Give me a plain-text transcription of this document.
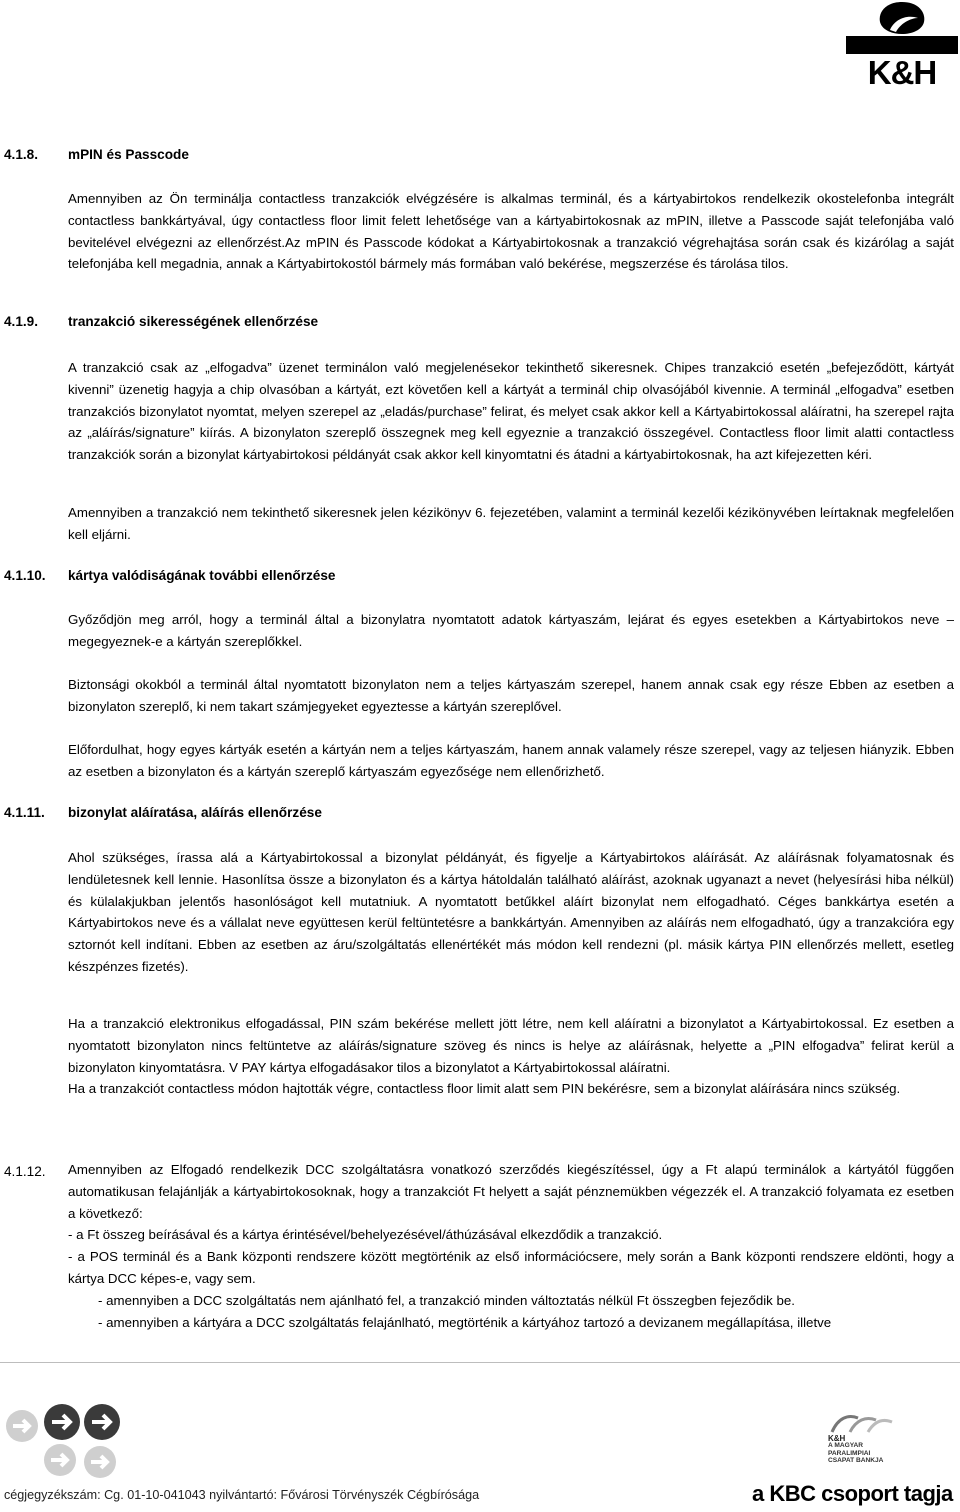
K&H
4.1.8. mPIN és Passcode

Amennyiben az Ön terminálja contactless tranzakciók elvégzésére is alkalmas terminál, és a kártyabirtokos rendelkezik okostelefonba integrált contactless bankkártyával, úgy contactless floor limit felett lehetősége van a kártyabirtokosnak az mPIN, illetve a Passcode saját telefonjába való bevitelével elvégezni az ellenőrzést.Az mPIN és Passcode kódokat a Kártyabirtokosnak a tranzakció végrehajtása során csak és kizárólag a saját telefonjába kell megadnia, annak a Kártyabirtokostól bármely más formában való bekérése, megszerzése és tárolása tilos.

4.1.9. tranzakció sikerességének ellenőrzése

A tranzakció csak az „elfogadva” üzenet terminálon való megjelenésekor tekinthető sikeresnek. Chipes tranzakció esetén „befejeződött, kártyát kivenni” üzenetig hagyja a chip olvasóban a kártyát, ezt követően kell a kártyát a terminál chip olvasójából kivennie. A terminál „elfogadva” esetben tranzakciós bizonylatot nyomtat, melyen szerepel az „eladás/purchase” felirat, és melyet csak akkor kell a Kártyabirtokossal aláíratni, ha szerepel rajta az „aláírás/signature” kiírás. A bizonylaton szereplő összegnek meg kell egyeznie a tranzakció összegével. Contactless floor limit alatti contactless tranzakciók során a bizonylat kártyabirtokosi példányát csak akkor kell kinyomtatni és átadni a kártyabirtokosnak, ha azt kifejezetten kéri.

Amennyiben a tranzakció nem tekinthető sikeresnek jelen kézikönyv 6. fejezetében, valamint a terminál kezelői kézikönyvében leírtaknak megfelelően kell eljárni.

4.1.10. kártya valódiságának további ellenőrzése

Győződjön meg arról, hogy a terminál által a bizonylatra nyomtatott adatok kártyaszám, lejárat és egyes esetekben a Kártyabirtokos neve – megegyeznek-e a kártyán szereplőkkel.

Biztonsági okokból a terminál által nyomtatott bizonylaton nem a teljes kártyaszám szerepel, hanem annak csak egy része Ebben az esetben a bizonylaton szereplő, ki nem takart számjegyeket egyeztesse a kártyán szereplővel.

Előfordulhat, hogy egyes kártyák esetén a kártyán nem a teljes kártyaszám, hanem annak valamely része szerepel, vagy az teljesen hiányzik. Ebben az esetben a bizonylaton és a kártyán szereplő kártyaszám egyezősége nem ellenőrizhető.

4.1.11. bizonylat aláíratása, aláírás ellenőrzése

Ahol szükséges, írassa alá a Kártyabirtokossal a bizonylat példányát, és figyelje a Kártyabirtokos aláírását. Az aláírásnak folyamatosnak és lendületesnek kell lennie. Hasonlítsa össze a bizonylaton és a kártya hátoldalán található aláírást, azoknak ugyanazt a nevet (helyesírási hiba nélkül) és külalakjukban jelentős hasonlóságot kell mutatniuk. A nyomtatott betűkkel aláírt bizonylat nem elfogadható. Céges bankkártya esetén a Kártyabirtokos neve és a vállalat neve együttesen kerül feltüntetésre a bankkártyán. Amennyiben az aláírás nem elfogadható, úgy a tranzakcióra egy sztornót kell indítani. Ebben az esetben az áru/szolgáltatás ellenértékét más módon kell rendezni (pl. másik kártya PIN ellenőrzés mellett, esetleg készpénzes fizetés).

Ha a tranzakció elektronikus elfogadással, PIN szám bekérése mellett jött létre, nem kell aláíratni a bizonylatot a Kártyabirtokossal. Ez esetben a nyomtatott bizonylaton nincs feltüntetve az aláírás/signature szöveg és nincs is helye az aláírásnak, helyette a „PIN elfogadva” felirat kerül a bizonylaton kinyomtatásra. V PAY kártya elfogadásakor tilos a bizonylatot a Kártyabirtokossal aláíratni.

Ha a tranzakciót contactless módon hajtották végre, contactless floor limit alatt sem PIN bekérésre, sem a bizonylat aláírására nincs szükség.

4.1.12. Amennyiben az Elfogadó rendelkezik DCC szolgáltatásra vonatkozó szerződés kiegészítéssel, úgy a Ft alapú terminálok a kártyától függően automatikusan felajánlják a kártyabirtokosoknak, hogy a tranzakciót Ft helyett a saját pénznemükben végezzék el. A tranzakció folyamata ez esetben a következő:

- a Ft összeg beírásával és a kártya érintésével/behelyezésével/áthúzásával elkezdődik a tranzakció.

- a POS terminál és a Bank központi rendszere között megtörténik az első információcsere, mely során a Bank központi rendszere eldönti, hogy a kártya DCC képes-e, vagy sem.

- amennyiben a DCC szolgáltatás nem ajánlható fel, a tranzakció minden változtatás nélkül Ft összegben fejeződik be.

- amennyiben a kártyára a DCC szolgáltatás felajánlható, megtörténik a kártyához tartozó a devizanem megállapítása, illetve

K&H
A MAGYAR
PARALIMPIAI
CSAPAT BANKJA
cégjegyzékszám: Cg. 01-10-041043 nyilvántartó: Fővárosi Törvényszék Cégbírósága	a KBC csoport tagja
